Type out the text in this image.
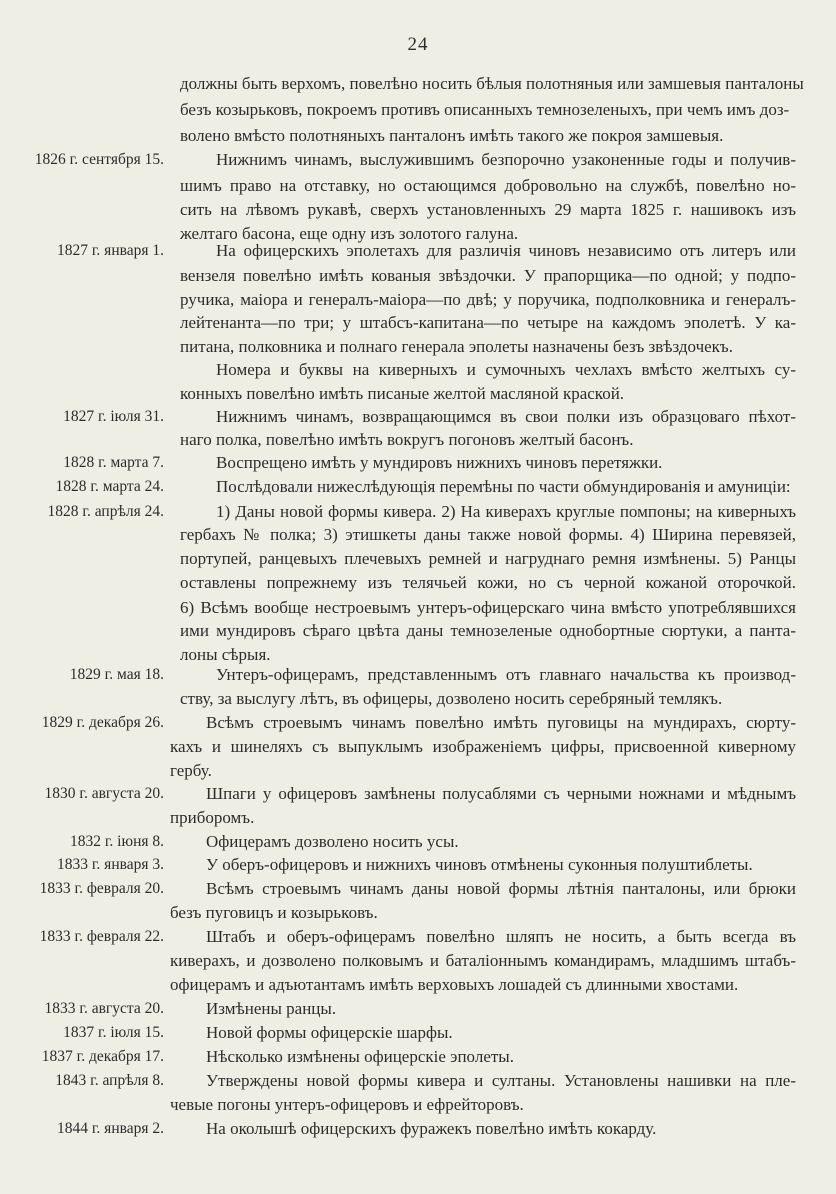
24
должны быть верхомъ, повелѣно носить бѣлыя полотняныя или замшевыя панталоны
безъ козырьковъ, покроемъ противъ описанныхъ темнозеленыхъ, при чемъ имъ доз-
волено вмѣсто полотняныхъ панталонъ имѣть такого же покроя замшевыя.
1826 г. сентября 15.	Нижнимъ чинамъ, выслужившимъ безпорочно узаконенные годы и получив-
шимъ право на отставку, но остающимся добровольно на службѣ, повелѣно но-
сить на лѣвомъ рукавѣ, сверхъ установленныхъ 29 марта 1825 г. нашивокъ изъ
желтаго басона, еще одну изъ золотого галуна.
1827 г. января 1.	На офицерскихъ эполетахъ для различія чиновъ независимо отъ литеръ или
вензеля повелѣно имѣть кованыя звѣздочки. У прапорщика—по одной; у подпо-
ручика, маіора и генералъ-маіора—по двѣ; у поручика, подполковника и генералъ-
лейтенанта—по три; у штабсъ-капитана—по четыре на каждомъ эполетѣ. У ка-
питана, полковника и полнаго генерала эполеты назначены безъ звѣздочекъ.
Номера и буквы на киверныхъ и сумочныхъ чехлахъ вмѣсто желтыхъ су-
конныхъ повелѣно имѣть писаные желтой масляной краской.
1827 г. іюля 31.	Нижнимъ чинамъ, возвращающимся въ свои полки изъ образцоваго пѣхот-
наго полка, повелѣно имѣть вокругъ погоновъ желтый басонъ.
1828 г. марта 7.	Воспрещено имѣть у мундировъ нижнихъ чиновъ перетяжки.
1828 г. марта 24.	Послѣдовали нижеслѣдующія перемѣны по части обмундированія и амуниціи:
1828 г. апрѣля 24.	1) Даны новой формы кивера. 2) На киверахъ круглые помпоны; на киверныхъ
гербахъ № полка; 3) этишкеты даны также новой формы. 4) Ширина перевязей,
портупей, ранцевыхъ плечевыхъ ремней и нагруднаго ремня измѣнены. 5) Ранцы
оставлены попрежнему изъ телячьей кожи, но съ черной кожаной оторочкой.
6) Всѣмъ вообще нестроевымъ унтеръ-офицерскаго чина вмѣсто употреблявшихся
ими мундировъ сѣраго цвѣта даны темнозеленые однобортные сюртуки, а панта-
лоны сѣрыя.
1829 г. мая 18.	Унтеръ-офицерамъ, представленнымъ отъ главнаго начальства къ производ-
ству, за выслугу лѣтъ, въ офицеры, дозволено носить серебряный темлякъ.
1829 г. декабря 26. Всѣмъ строевымъ чинамъ повелѣно имѣть пуговицы на мундирахъ, сюрту-
кахъ и шинеляхъ съ выпуклымъ изображеніемъ цифры, присвоенной киверному
гербу.
1830 г. августа 20. Шпаги у офицеровъ замѣнены полусаблями съ черными ножнами и мѣднымъ
приборомъ.
1832 г. іюня 8. Офицерамъ дозволено носить усы.
1833 г. января 3. У оберъ-офицеровъ и нижнихъ чиновъ отмѣнены суконныя полуштиблеты.
1833 г. февраля 20. Всѣмъ строевымъ чинамъ даны новой формы лѣтнія панталоны, или брюки
безъ пуговицъ и козырьковъ.
1833 г. февраля 22. Штабъ и оберъ-офицерамъ повелѣно шляпъ не носить, а быть всегда въ
киверахъ, и дозволено полковымъ и баталіоннымъ командирамъ, младшимъ штабъ-
офицерамъ и адъютантамъ имѣть верховыхъ лошадей съ длинными хвостами.
1833 г. августа 20. Измѣнены ранцы.
1837 г. іюля 15. Новой формы офицерскіе шарфы.
1837 г. декабря 17. Нѣсколько измѣнены офицерскіе эполеты.
1843 г. апрѣля 8. Утверждены новой формы кивера и султаны. Установлены нашивки на пле-
чевые погоны унтеръ-офицеровъ и ефрейторовъ.
1844 г. января 2. На околышѣ офицерскихъ фуражекъ повелѣно имѣть кокарду.
